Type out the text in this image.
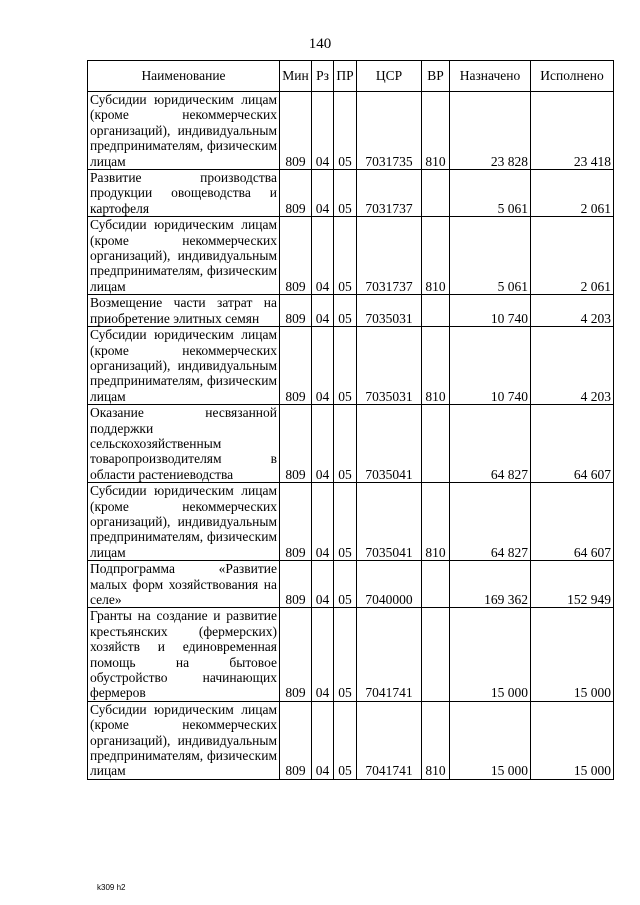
140
Наименование	Мин	Рз	ПР	ЦСР	ВР	Назначено	Исполнено
Субсидии юридическим лицам (кроме некоммерческих организаций), индивидуальным предпринимателям, физическим лицам	809	04	05	7031735	810	23 828	23 418
Развитие производства продукции овощеводства и картофеля	809	04	05	7031737		5 061	2 061
Субсидии юридическим лицам (кроме некоммерческих организаций), индивидуальным предпринимателям, физическим лицам	809	04	05	7031737	810	5 061	2 061
Возмещение части затрат на приобретение элитных семян	809	04	05	7035031		10 740	4 203
Субсидии юридическим лицам (кроме некоммерческих организаций), индивидуальным предпринимателям, физическим лицам	809	04	05	7035031	810	10 740	4 203
Оказание несвязанной поддержки сельскохозяйственным товаропроизводителям в области растениеводства	809	04	05	7035041		64 827	64 607
Субсидии юридическим лицам (кроме некоммерческих организаций), индивидуальным предпринимателям, физическим лицам	809	04	05	7035041	810	64 827	64 607
Подпрограмма «Развитие малых форм хозяйствования на селе»	809	04	05	7040000		169 362	152 949
Гранты на создание и развитие крестьянских (фермерских) хозяйств и единовременная помощь на бытовое обустройство начинающих фермеров	809	04	05	7041741		15 000	15 000
Субсидии юридическим лицам (кроме некоммерческих организаций), индивидуальным предпринимателям, физическим лицам	809	04	05	7041741	810	15 000	15 000
k309 h2
